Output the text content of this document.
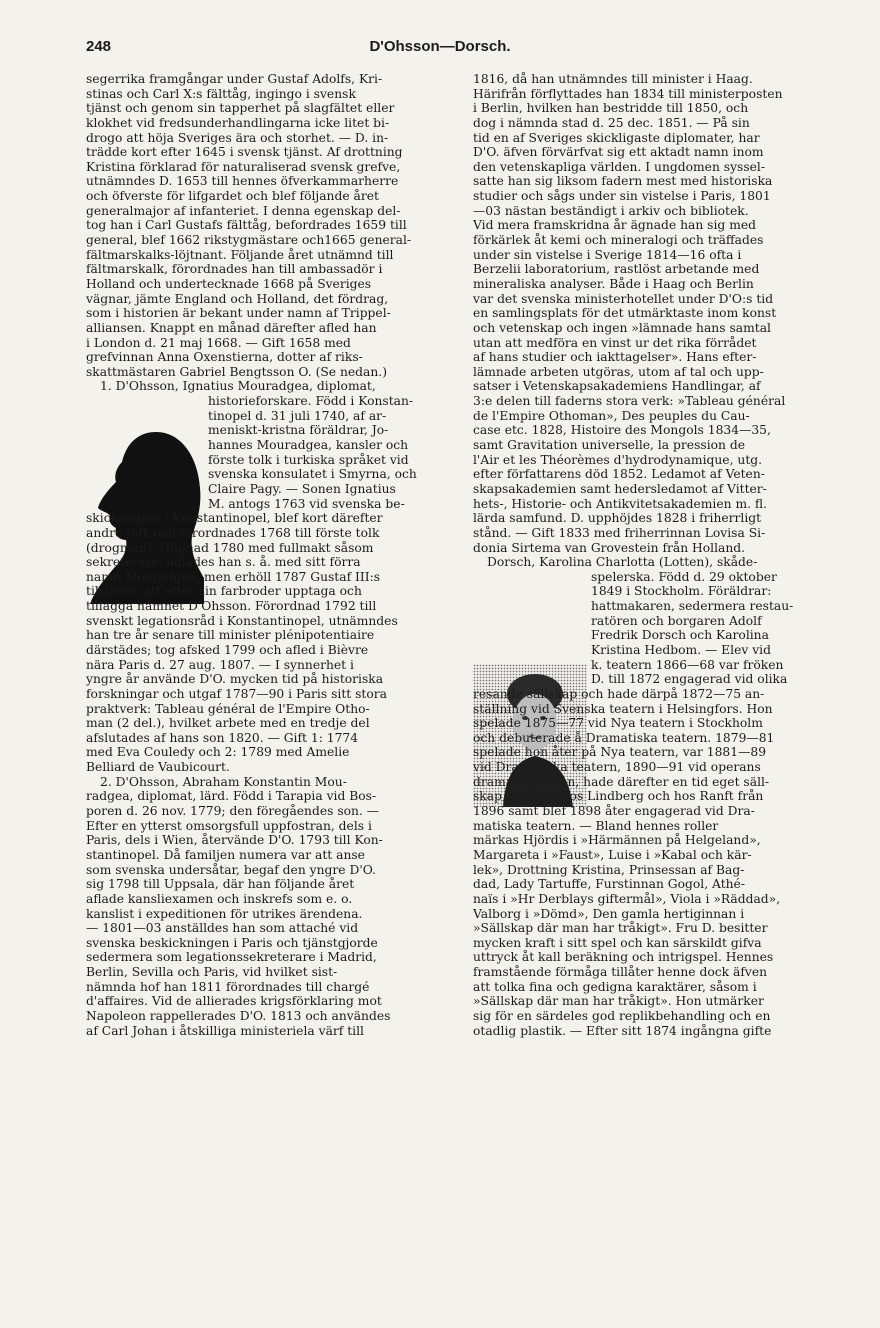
248	D'Ohsson—Dorsch.
segerrika framgångar under Gustaf Adolfs, Kri-
stinas och Carl X:s fälttåg, ingingo i svensk
tjänst och genom sin tapperhet på slagfältet eller
klokhet vid fredsunderhandlingarna icke litet bi-
drogo att höja Sveriges ära och storhet. — D. in-
trädde kort efter 1645 i svensk tjänst. Af drottning
Kristina förklarad för naturaliserad svensk grefve,
utnämndes D. 1653 till hennes öfverkammarherre
och öfverste för lifgardet och blef följande året
generalmajor af infanteriet. I denna egenskap del-
tog han i Carl Gustafs fälttåg, befordrades 1659 till
general, blef 1662 rikstygmästare och1665 general-
fältmarskalks-löjtnant. Följande året utnämnd till
fältmarskalk, förordnades han till ambassadör i
Holland och undertecknade 1668 på Sveriges
vägnar, jämte England och Holland, det fördrag,
som i historien är bekant under namn af Trippel-
alliansen. Knappt en månad därefter afled han
i London d. 21 maj 1668. — Gift 1658 med
grefvinnan Anna Oxenstierna, dotter af riks-
skattmästaren Gabriel Bengtsson O. (Se nedan.)
1. D'Ohsson, Ignatius Mouradgea, diplomat,
historieforskare. Född i Konstan-
tinopel d. 31 juli 1740, af ar-
meniskt-kristna föräldrar, Jo-
hannes Mouradgea, kansler och
förste tolk i turkiska språket vid
svenska konsulatet i Smyrna, och
Claire Pagy. — Sonen Ignatius
M. antogs 1763 vid svenska be-
skickningen i Konstantinopel, blef kort därefter
andre tolk och förordnades 1768 till förste tolk
(drogman). Hugnad 1780 med fullmakt såsom
sekreterare, adlades han s. å. med sitt förra
namn Mouradgea, men erhöll 1787 Gustaf III:s
tillåtelse att efter sin farbroder upptaga och
tillägga namnet D'Ohsson. Förordnad 1792 till
svenskt legationsråd i Konstantinopel, utnämndes
han tre år senare till minister plénipotentiaire
därstädes; tog afsked 1799 och afled i Bièvre
nära Paris d. 27 aug. 1807. — I synnerhet i
yngre år använde D'O. mycken tid på historiska
forskningar och utgaf 1787—90 i Paris sitt stora
praktverk: Tableau général de l'Empire Otho-
man (2 del.), hvilket arbete med en tredje del
afslutades af hans son 1820. — Gift 1: 1774
med Eva Couledy och 2: 1789 med Amelie
Belliard de Vaubicourt.
2. D'Ohsson, Abraham Konstantin Mou-
radgea, diplomat, lärd. Född i Tarapia vid Bos-
poren d. 26 nov. 1779; den föregåendes son. —
Efter en ytterst omsorgsfull uppfostran, dels i
Paris, dels i Wien, återvände D'O. 1793 till Kon-
stantinopel. Då familjen numera var att anse
som svenska undersåtar, begaf den yngre D'O.
sig 1798 till Uppsala, där han följande året
aflade kansliexamen och inskrefs som e. o.
kanslist i expeditionen för utrikes ärendena.
— 1801—03 anställdes han som attaché vid
svenska beskickningen i Paris och tjänstgjorde
sedermera som legationssekreterare i Madrid,
Berlin, Sevilla och Paris, vid hvilket sist-
nämnda hof han 1811 förordnades till chargé
d'affaires. Vid de allierades krigsförklaring mot
Napoleon rappellerades D'O. 1813 och användes
af Carl Johan i åtskilliga ministeriela värf till
1816, då han utnämndes till minister i Haag.
Härifrån förflyttades han 1834 till ministerposten
i Berlin, hvilken han bestridde till 1850, och
dog i nämnda stad d. 25 dec. 1851. — På sin
tid en af Sveriges skickligaste diplomater, har
D'O. äfven förvärfvat sig ett aktadt namn inom
den vetenskapliga världen. I ungdomen syssel-
satte han sig liksom fadern mest med historiska
studier och sågs under sin vistelse i Paris, 1801
—03 nästan beständigt i arkiv och bibliotek.
Vid mera framskridna år ägnade han sig med
förkärlek åt kemi och mineralogi och träffades
under sin vistelse i Sverige 1814—16 ofta i
Berzelii laboratorium, rastlöst arbetande med
mineraliska analyser. Både i Haag och Berlin
var det svenska ministerhotellet under D'O:s tid
en samlingsplats för det utmärktaste inom konst
och vetenskap och ingen »lämnade hans samtal
utan att medföra en vinst ur det rika förrådet
af hans studier och iakttagelser». Hans efter-
lämnade arbeten utgöras, utom af tal och upp-
satser i Vetenskapsakademiens Handlingar, af
3:e delen till faderns stora verk: »Tableau général
de l'Empire Othoman», Des peuples du Cau-
case etc. 1828, Histoire des Mongols 1834—35,
samt Gravitation universelle, la pression de
l'Air et les Théorèmes d'hydrodynamique, utg.
efter författarens död 1852. Ledamot af Veten-
skapsakademien samt hedersledamot af Vitter-
hets-, Historie- och Antikvitetsakademien m. fl.
lärda samfund. D. upphöjdes 1828 i friherrligt
stånd. — Gift 1833 med friherrinnan Lovisa Si-
donia Sirtema van Grovestein från Holland.
Dorsch, Karolina Charlotta (Lotten), skåde-
spelerska. Född d. 29 oktober
1849 i Stockholm. Föräldrar:
hattmakaren, sedermera restau-
ratören och borgaren Adolf
Fredrik Dorsch och Karolina
Kristina Hedbom. — Elev vid
k. teatern 1866—68 var fröken
D. till 1872 engagerad vid olika
resande sällskap och hade därpå 1872—75 an-
ställning vid Svenska teatern i Helsingfors. Hon
spelade 1875—77 vid Nya teatern i Stockholm
och debuterade å Dramatiska teatern. 1879—81
spelade hon åter på Nya teatern, var 1881—89
vid Dramatiska teatern, 1890—91 vid operans
dramatiska scen, hade därefter en tid eget säll-
skap, spelade hos Lindberg och hos Ranft från
1896 samt blef 1898 åter engagerad vid Dra-
matiska teatern. — Bland hennes roller
märkas Hjördis i »Härmännen på Helgeland»,
Margareta i »Faust», Luise i »Kabal och kär-
lek», Drottning Kristina, Prinsessan af Bag-
dad, Lady Tartuffe, Furstinnan Gogol, Athé-
naïs i »Hr Derblays giftermål», Viola i »Räddad»,
Valborg i »Dömd», Den gamla hertiginnan i
»Sällskap där man har tråkigt». Fru D. besitter
mycken kraft i sitt spel och kan särskildt gifva
uttryck åt kall beräkning och intrigspel. Hennes
framstående förmåga tillåter henne dock äfven
att tolka fina och gedigna karaktärer, såsom i
»Sällskap där man har tråkigt». Hon utmärker
sig för en särdeles god replikbehandling och en
otadlig plastik. — Efter sitt 1874 ingångna gifte
